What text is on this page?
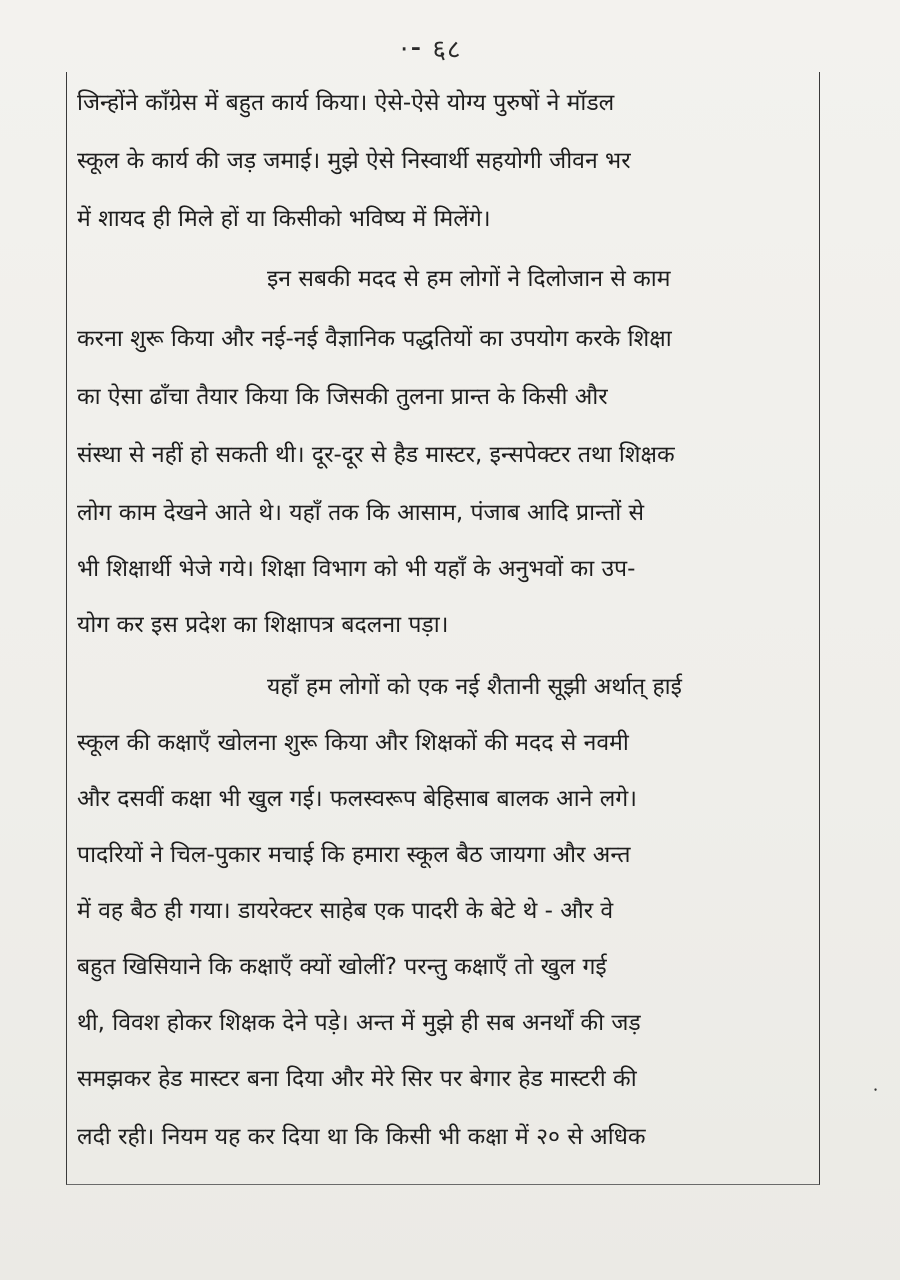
·⁃ ६८
जिन्होंने काँग्रेस में बहुत कार्य किया। ऐसे-ऐसे योग्य पुरुषों ने मॉडल
स्कूल के कार्य की जड़ जमाई। मुझे ऐसे निस्वार्थी सहयोगी जीवन भर
में शायद ही मिले हों या किसीको भविष्य में मिलेंगे।
इन सबकी मदद से हम लोगों ने दिलोजान से काम
करना शुरू किया और नई-नई वैज्ञानिक पद्धतियों का उपयोग करके शिक्षा
का ऐसा ढाँचा तैयार किया कि जिसकी तुलना प्रान्त के किसी और
संस्था से नहीं हो सकती थी। दूर-दूर से हैड मास्टर, इन्सपेक्टर तथा शिक्षक
लोग काम देखने आते थे। यहाँ तक कि आसाम, पंजाब आदि प्रान्तों से
भी शिक्षार्थी भेजे गये। शिक्षा विभाग को भी यहाँ के अनुभवों का उप-
योग कर इस प्रदेश का शिक्षापत्र बदलना पड़ा।
यहाँ हम लोगों को एक नई शैतानी सूझी अर्थात् हाई
स्कूल की कक्षाएँ खोलना शुरू किया और शिक्षकों की मदद से नवमी
और दसवीं कक्षा भी खुल गई। फलस्वरूप बेहिसाब बालक आने लगे।
पादरियों ने चिल-पुकार मचाई कि हमारा स्कूल बैठ जायगा और अन्त
में वह बैठ ही गया। डायरेक्टर साहेब एक पादरी के बेटे थे - और वे
बहुत खिसियाने कि कक्षाएँ क्यों खोलीं? परन्तु कक्षाएँ तो खुल गई
थी, विवश होकर शिक्षक देने पड़े। अन्त में मुझे ही सब अनर्थों की जड़
समझकर हेड मास्टर बना दिया और मेरे सिर पर बेगार हेड मास्टरी की
लदी रही। नियम यह कर दिया था कि किसी भी कक्षा में २० से अधिक
⸳
